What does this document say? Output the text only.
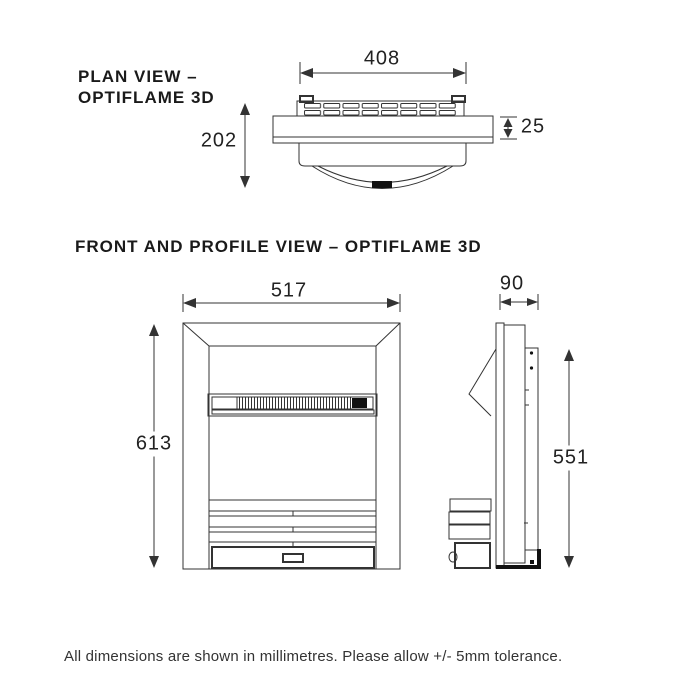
PLAN VIEW –
OPTIFLAME 3D
408
202
25
FRONT AND PROFILE VIEW – OPTIFLAME 3D
517
613
90
551
All dimensions are shown in millimetres. Please allow +/- 5mm tolerance.
